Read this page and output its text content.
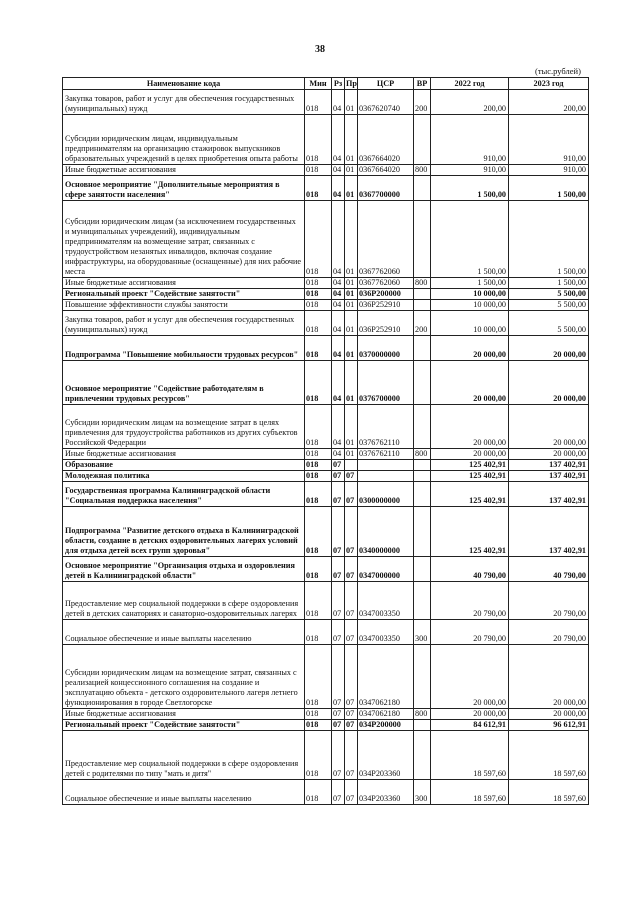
38
(тыс.рублей)
Наименование кода	Мин	Рз	Пр	ЦСР	ВР	2022 год	2023 год
Закупка товаров, работ и услуг для обеспечения государственных (муниципальных) нужд	018	04	01	0367620740	200	200,00	200,00
Субсидии юридическим лицам, индивидуальным предпринимателям на организацию стажировок выпускников образовательных учреждений в целях приобретения опыта работы	018	04	01	0367664020		910,00	910,00
Иные бюджетные ассигнования	018	04	01	0367664020	800	910,00	910,00
Основное мероприятие "Дополнительные мероприятия в сфере занятости населения"	018	04	01	0367700000		1 500,00	1 500,00
Субсидии юридическим лицам (за исключением государственных и муниципальных учреждений), индивидуальным предпринимателям на возмещение затрат, связанных с трудоустройством незанятых инвалидов, включая создание инфраструктуры, на оборудованные (оснащенные) для них рабочие места	018	04	01	0367762060		1 500,00	1 500,00
Иные бюджетные ассигнования	018	04	01	0367762060	800	1 500,00	1 500,00
Региональный проект "Содействие занятости"	018	04	01	036P200000		10 000,00	5 500,00
Повышение эффективности службы занятости	018	04	01	036P252910		10 000,00	5 500,00
Закупка товаров, работ и услуг для обеспечения государственных (муниципальных) нужд	018	04	01	036P252910	200	10 000,00	5 500,00
Подпрограмма "Повышение мобильности трудовых ресурсов"	018	04	01	0370000000		20 000,00	20 000,00
Основное мероприятие "Содействие работодателям в привлечении трудовых ресурсов"	018	04	01	0376700000		20 000,00	20 000,00
Субсидии юридическим лицам на возмещение затрат в целях привлечения для трудоустройства работников из других субъектов Российской Федерации	018	04	01	0376762110		20 000,00	20 000,00
Иные бюджетные ассигнования	018	04	01	0376762110	800	20 000,00	20 000,00
Образование	018	07				125 402,91	137 402,91
Молодежная политика	018	07	07			125 402,91	137 402,91
Государственная программа Калининградской области "Социальная поддержка населения"	018	07	07	0300000000		125 402,91	137 402,91
Подпрограмма "Развитие детского отдыха в Калининградской области, создание в детских оздоровительных лагерях условий для отдыха детей всех групп здоровья"	018	07	07	0340000000		125 402,91	137 402,91
Основное мероприятие "Организация отдыха и оздоровления детей в Калининградской области"	018	07	07	0347000000		40 790,00	40 790,00
Предоставление мер социальной поддержки в сфере оздоровления детей в детских санаториях и санаторно-оздоровительных лагерях	018	07	07	0347003350		20 790,00	20 790,00
Социальное обеспечение и иные выплаты населению	018	07	07	0347003350	300	20 790,00	20 790,00
Субсидии юридическим лицам на возмещение затрат, связанных с реализацией концессионного соглашения на создание и эксплуатацию объекта - детского оздоровительного лагеря летнего функционирования в городе Светлогорске	018	07	07	0347062180		20 000,00	20 000,00
Иные бюджетные ассигнования	018	07	07	0347062180	800	20 000,00	20 000,00
Региональный проект "Содействие занятости"	018	07	07	034P200000		84 612,91	96 612,91
Предоставление мер социальной поддержки в сфере оздоровления детей с родителями по типу "мать и дитя"	018	07	07	034P203360		18 597,60	18 597,60
Социальное обеспечение и иные выплаты населению	018	07	07	034P203360	300	18 597,60	18 597,60
